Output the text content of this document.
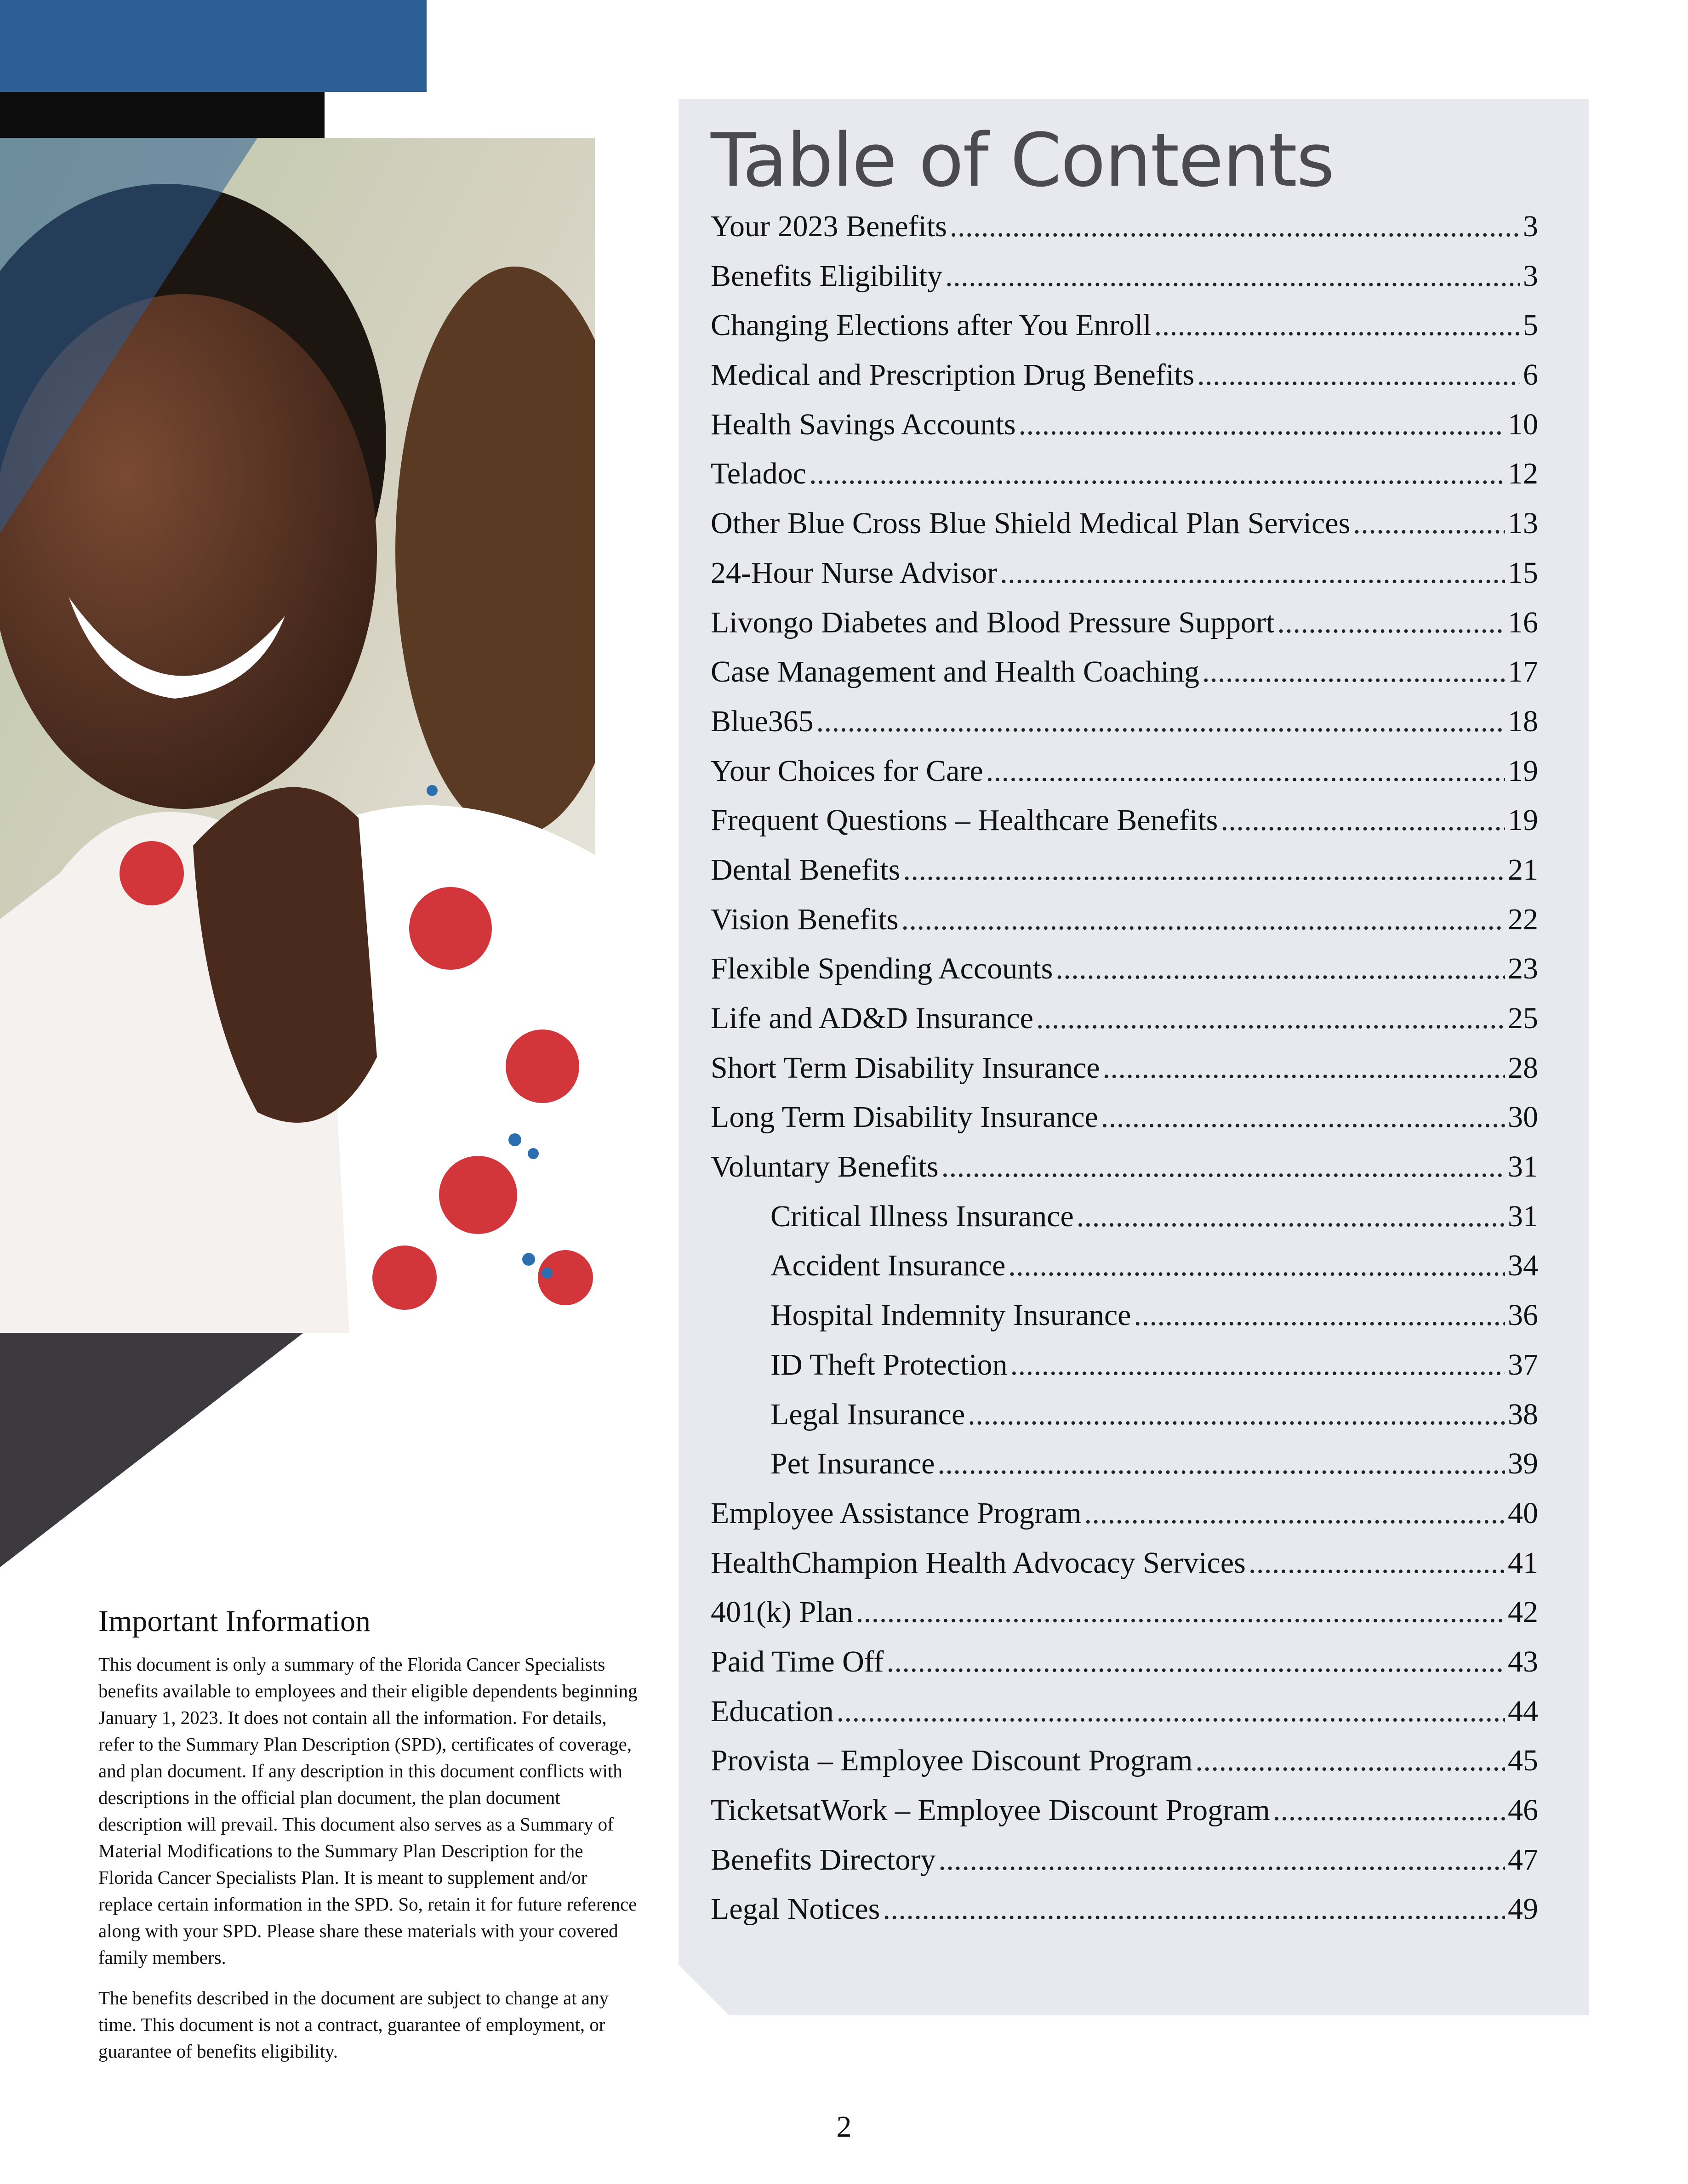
Important Information

This document is only a summary of the Florida Cancer Specialists benefits available to employees and their eligible dependents beginning January 1, 2023. It does not contain all the information. For details, refer to the Summary Plan Description (SPD), certificates of coverage, and plan document. If any description in this document conflicts with descriptions in the official plan document, the plan document description will prevail. This document also serves as a Summary of Material Modifications to the Summary Plan Description for the Florida Cancer Specialists Plan. It is meant to supplement and/or replace certain information in the SPD. So, retain it for future reference along with your SPD. Please share these materials with your covered family members.

The benefits described in the document are subject to change at any time. This document is not a contract, guarantee of employment, or guarantee of benefits eligibility.

Table of Contents
Your 2023 Benefits . . .	3
Benefits Eligibility . . .	3
Changing Elections after You Enroll . . .	5
Medical and Prescription Drug Benefits . . .	6
Health Savings Accounts . . .	10
Teladoc . . .	12
Other Blue Cross Blue Shield Medical Plan Services . . .	13
24-Hour Nurse Advisor . . .	15
Livongo Diabetes and Blood Pressure Support . . .	16
Case Management and Health Coaching . . .	17
Blue365 . . .	18
Your Choices for Care . . .	19
Frequent Questions – Healthcare Benefits . . .	19
Dental Benefits . . .	21
Vision Benefits . . .	22
Flexible Spending Accounts . . .	23
Life and AD&D Insurance . . .	25
Short Term Disability Insurance . . .	28
Long Term Disability Insurance . . .	30
Voluntary Benefits . . .	31
Critical Illness Insurance . . .	31
Accident Insurance . . .	34
Hospital Indemnity Insurance . . .	36
ID Theft Protection . . .	37
Legal Insurance . . .	38
Pet Insurance . . .	39
Employee Assistance Program . . .	40
HealthChampion Health Advocacy Services . . .	41
401(k) Plan . . .	42
Paid Time Off . . .	43
Education . . .	44
Provista – Employee Discount Program . . .	45
TicketsatWork – Employee Discount Program . . .	46
Benefits Directory . . .	47
Legal Notices . . .	49
2
